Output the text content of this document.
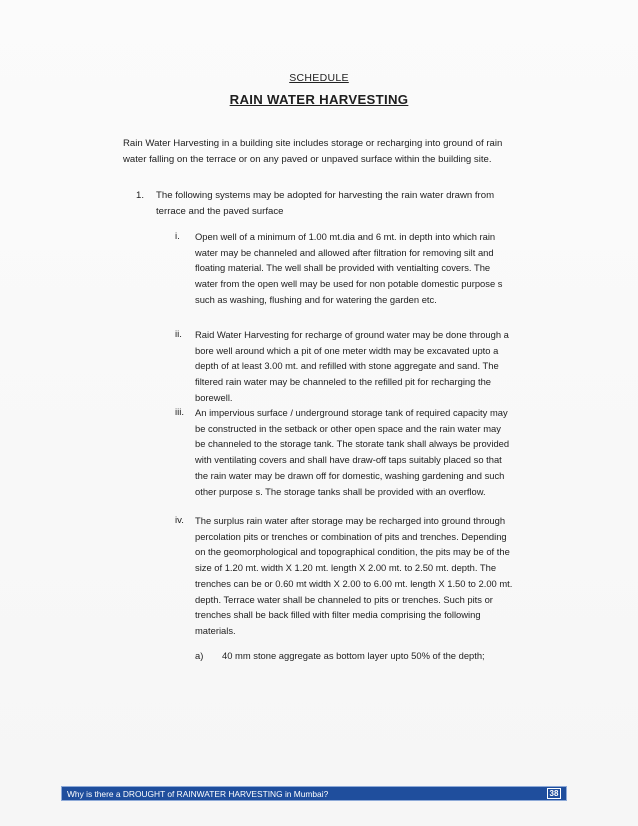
SCHEDULE

RAIN WATER HARVESTING

Rain Water Harvesting in a building site includes storage or recharging into ground of rain water falling on the terrace or on any paved or unpaved surface within the building site.

1. The following systems may be adopted for harvesting the rain water drawn from terrace and the paved surface
i.	Open well of a minimum of 1.00 mt.dia and 6 mt. in depth into which rain water may be channeled and allowed after filtration for removing silt and floating material. The well shall be provided with ventialting covers. The water from the open well may be used for non potable domestic purpose s such as washing, flushing and for watering the garden etc.
ii.	Raid Water Harvesting for recharge of ground water may be done through a bore well around which a pit of one meter width may be excavated upto a depth of at least 3.00 mt. and refilled with stone aggregate and sand. The filtered rain water may be channeled to the refilled pit for recharging the borewell.
iii.	An impervious surface / underground storage tank of required capacity may be constructed in the setback or other open space and the rain water may be channeled to the storage tank. The storate tank shall always be provided with ventilating covers and shall have draw-off taps suitably placed so that the rain water may be drawn off for domestic, washing gardening and such other purpose s. The storage tanks shall be provided with an overflow.
iv.	The surplus rain water after storage may be recharged into ground through percolation pits or trenches or combination of pits and trenches. Depending on the geomorphological and topographical condition, the pits may be of the size of 1.20 mt. width X 1.20 mt. length X 2.00 mt. to 2.50 mt. depth. The trenches can be or 0.60 mt width X 2.00 to 6.00 mt. length X 1.50 to 2.00 mt. depth. Terrace water shall be channeled to pits or trenches. Such pits or trenches shall be back filled with filter media comprising the following materials.
a) 40 mm stone aggregate as bottom layer upto 50% of the depth;
Why is there a DROUGHT of RAINWATER HARVESTING in Mumbai?	38
